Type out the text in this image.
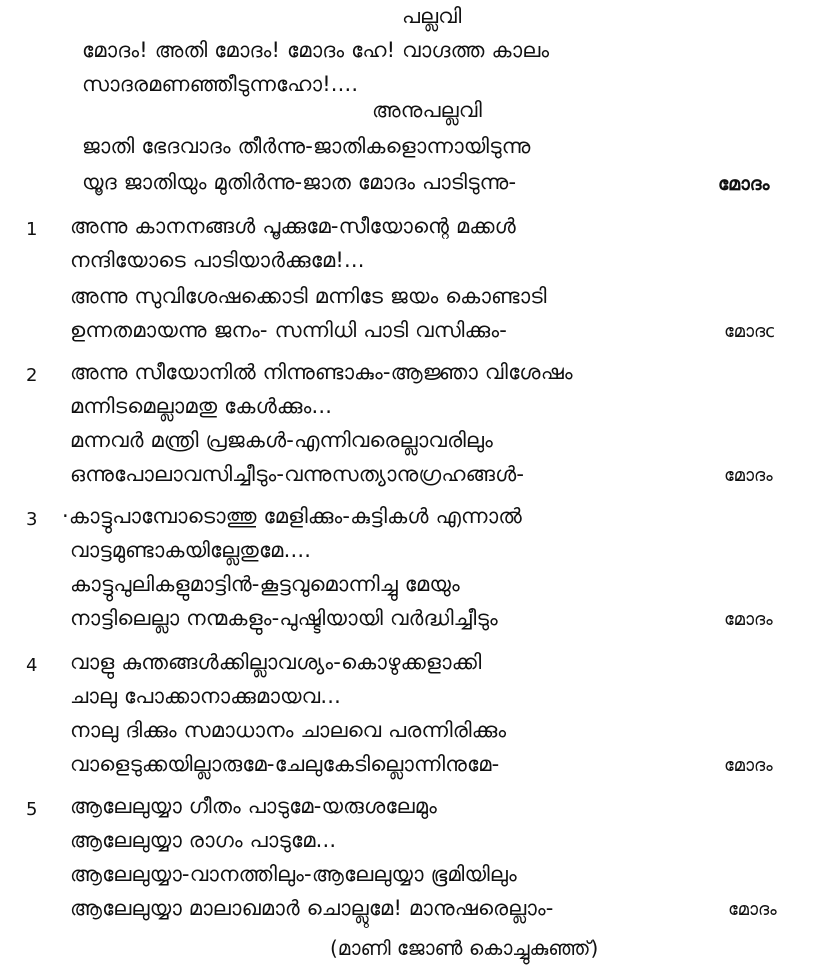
പല്ലവി
മോദം! അതി മോദം! മോദം ഹേ! വാഗ്ദത്ത കാലം
സാദരമണഞ്ഞീടുന്നഹോ!....
അനുപല്ലവി
ജാതി ഭേദവാദം തീർന്നു-ജാതികളൊന്നായിടുന്നു
യൂദ ജാതിയും മുതിർന്നു-ജാത മോദം പാടിടുന്നു-	മോദം
1 അന്നു കാനനങ്ങൾ പൂക്കുമേ-സീയോന്റെ മക്കൾ
നന്ദിയോടെ പാടിയാർക്കുമേ!...
അന്നു സുവിശേഷക്കൊടി മന്നിടേ ജയം കൊണ്ടാടി
ഉന്നതമായന്നു ജനം- സന്നിധി പാടി വസിക്കും-	മോദc
2 അന്നു സീയോനിൽ നിന്നുണ്ടാകും-ആജ്ഞാ വിശേഷം
മന്നിടമെല്ലാമതു കേൾക്കും...
മന്നവർ മന്ത്രി പ്രജകൾ-എന്നിവരെല്ലാവരിലും
ഒന്നുപോലാവസിച്ചീടും-വന്നുസത്യാനുഗ്രഹങ്ങൾ-	മോദം
3 ·കാട്ടുപാമ്പോടൊത്തു മേളിക്കും-കുട്ടികൾ എന്നാൽ
വാട്ടമുണ്ടാകയില്ലേതുമേ....
കാട്ടുപുലികളുമാട്ടിൻ-കൂട്ടവുമൊന്നിച്ചു മേയും
നാട്ടിലെല്ലാ നന്മകളും-പുഷ്ടിയായി വർദ്ധിച്ചീടും	മോദം
4 വാളു കുന്തങ്ങൾക്കില്ലാവശ്യം-കൊഴുക്കളാക്കി
ചാലു പോക്കാനാക്കുമായവ...
നാലു ദിക്കും സമാധാനം ചാലവെ പരന്നിരിക്കും
വാളെടുക്കയില്ലാരുമേ-ചേലുകേടില്ലൊന്നിനുമേ-	മോദം
5 ആലേലുയ്യാ ഗീതം പാടുമേ-യരുശലേമും
ആലേലുയ്യാ രാഗം പാടുമേ...
ആലേലുയ്യാ-വാനത്തിലും-ആലേലുയ്യാ ഭൂമിയിലും
ആലേലുയ്യാ മാലാഖമാർ ചൊല്ലുമേ! മാനുഷരെല്ലാം-	മോദം
(മാണി ജോൺ കൊച്ചുകുഞ്ഞ്)
